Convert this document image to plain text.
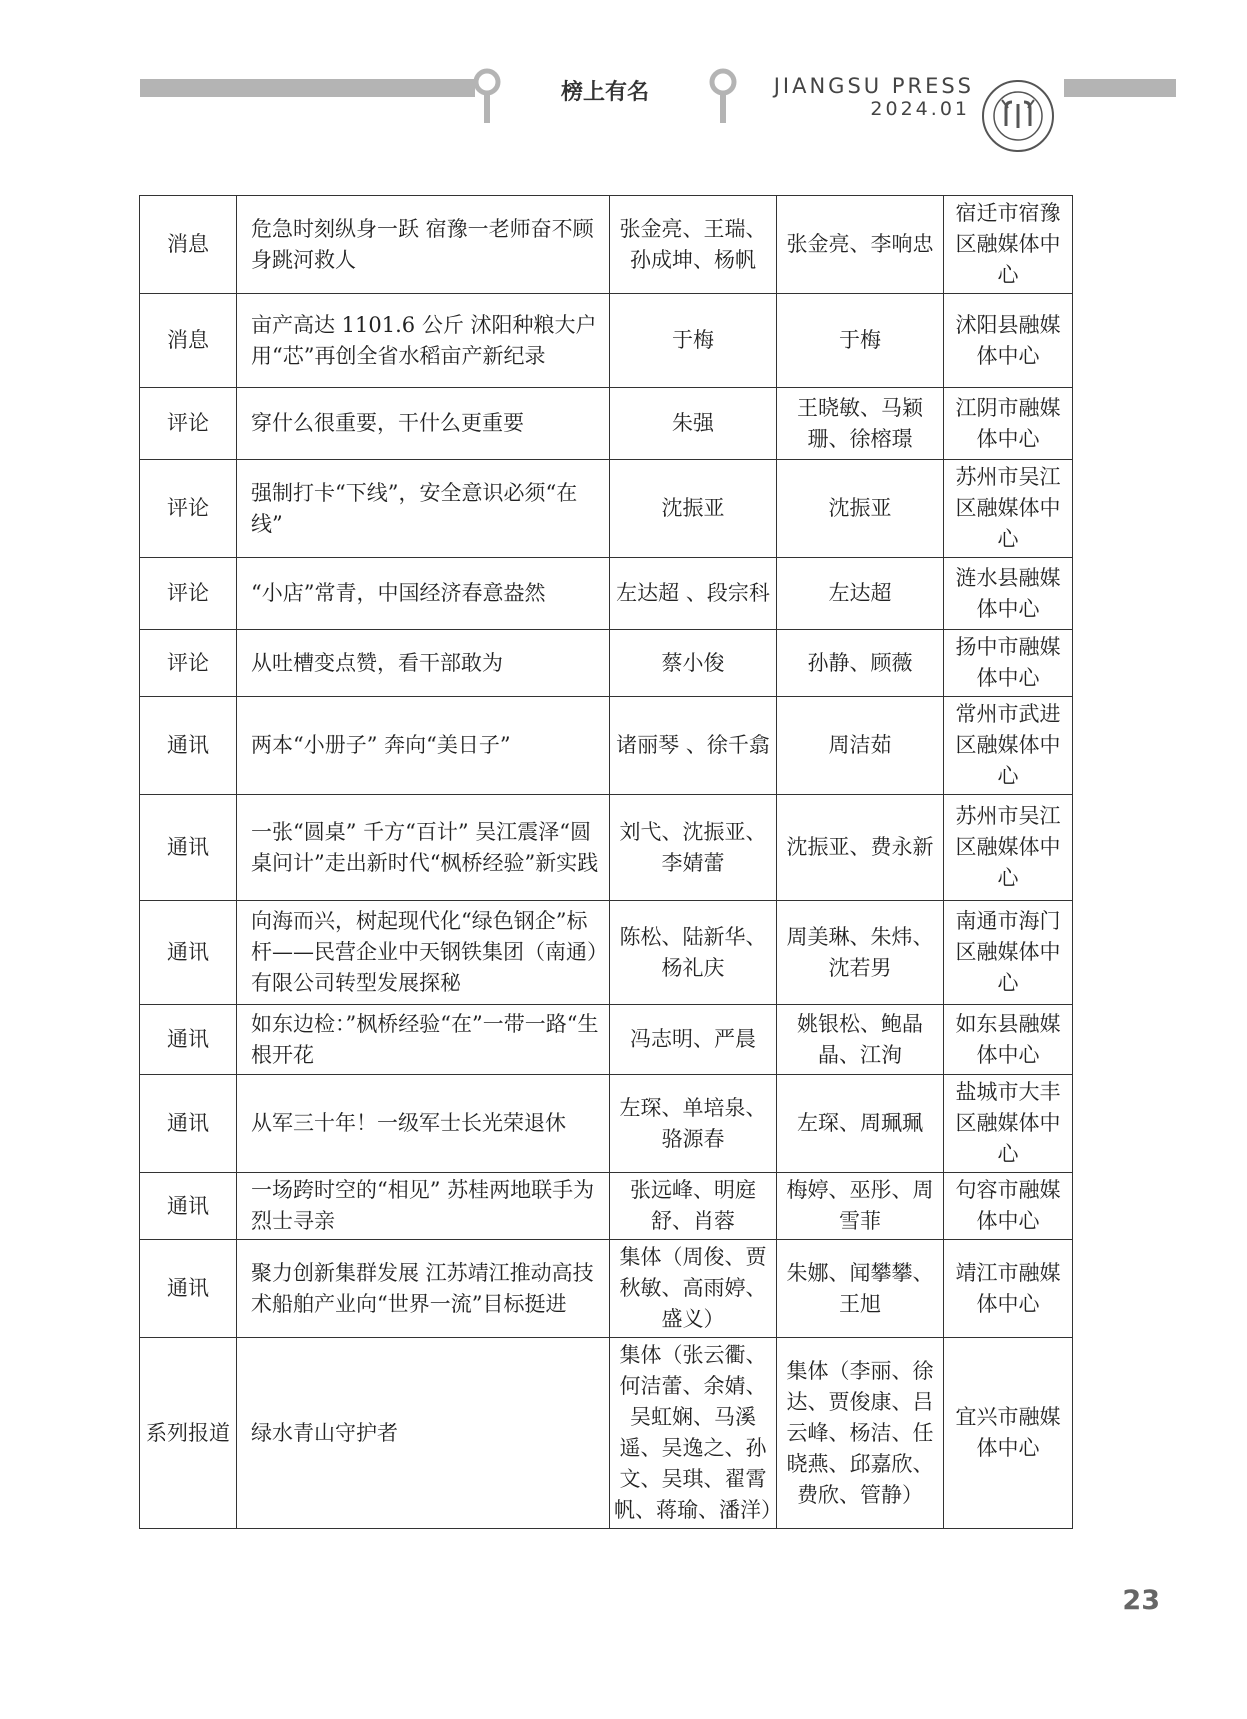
榜上有名	JIANGSU PRESS
2024.01
消息	危急时刻纵身一跃 宿豫一老师奋不顾身跳河救人	张金亮、王瑞、孙成坤、杨帆	张金亮、李响忠	宿迁市宿豫区融媒体中心
消息	亩产高达 1101.6 公斤 沭阳种粮大户用“芯”再创全省水稻亩产新纪录	于梅	于梅	沭阳县融媒体中心
评论	穿什么很重要，干什么更重要	朱强	王晓敏、马颖珊、徐榕璟	江阴市融媒体中心
评论	强制打卡“下线”，安全意识必须“在线”	沈振亚	沈振亚	苏州市吴江区融媒体中心
评论	“小店”常青，中国经济春意盎然	左达超 、段宗科	左达超	涟水县融媒体中心
评论	从吐槽变点赞，看干部敢为	蔡小俊	孙静、顾薇	扬中市融媒体中心
通讯	两本“小册子” 奔向“美日子”	诸丽琴 、徐千翕	周洁茹	常州市武进区融媒体中心
通讯	一张“圆桌” 千方“百计” 吴江震泽“圆桌问计”走出新时代“枫桥经验”新实践	刘弋、沈振亚、李婧蕾	沈振亚、费永新	苏州市吴江区融媒体中心
通讯	向海而兴，树起现代化“绿色钢企”标杆——民营企业中天钢铁集团（南通）有限公司转型发展探秘	陈松、陆新华、杨礼庆	周美琳、朱炜、沈若男	南通市海门区融媒体中心
通讯	如东边检：”枫桥经验“在”一带一路“生根开花	冯志明、严晨	姚银松、鲍晶晶、江洵	如东县融媒体中心
通讯	从军三十年！一级军士长光荣退休	左琛、单培泉、骆源春	左琛、周珮珮	盐城市大丰区融媒体中心
通讯	一场跨时空的“相见” 苏桂两地联手为烈士寻亲	张远峰、明庭舒、肖蓉	梅婷、巫彤、周雪菲	句容市融媒体中心
通讯	聚力创新集群发展 江苏靖江推动高技术船舶产业向“世界一流”目标挺进	集体（周俊、贾秋敏、高雨婷、盛义）	朱娜、闻攀攀、王旭	靖江市融媒体中心
系列报道	绿水青山守护者	集体（张云衢、何洁蕾、余婧、吴虹娴、马溪遥、吴逸之、孙文、吴琪、翟霄帆、蒋瑜、潘洋）	集体（李丽、徐达、贾俊康、吕云峰、杨洁、任晓燕、邱嘉欣、费欣、管静）	宜兴市融媒体中心
23
